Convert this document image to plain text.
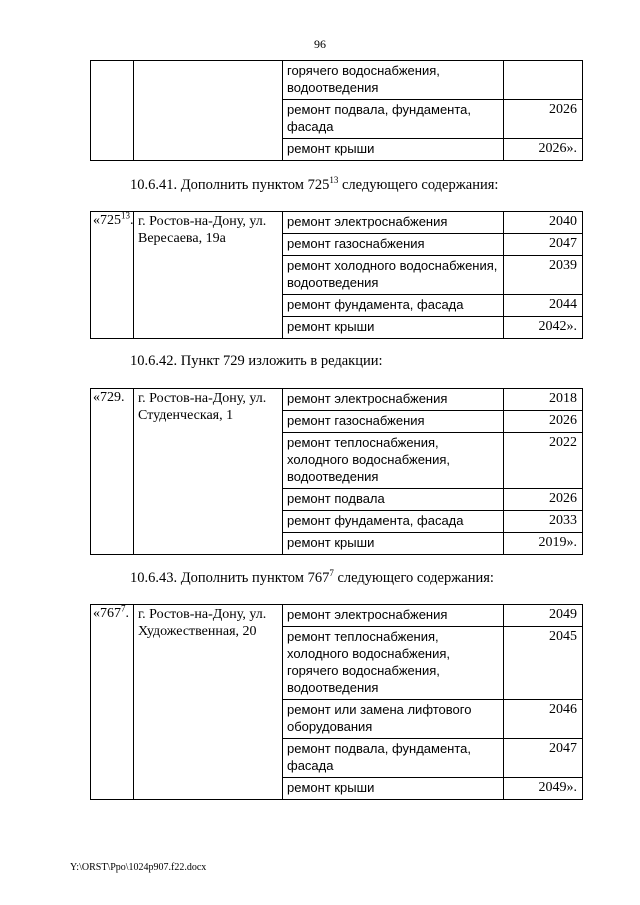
96
		горячего водоснабжения, водоотведения	
		ремонт подвала, фундамента, фасада	2026
		ремонт крыши	2026».
10.6.41. Дополнить пунктом $725^{13}$ следующего содержания:
«$725^{13}$.	г. Ростов-на-Дону, ул. Вересаева, 19а	ремонт электроснабжения	2040
		ремонт газоснабжения	2047
		ремонт холодного водоснабжения, водоотведения	2039
		ремонт фундамента, фасада	2044
		ремонт крыши	2042».
10.6.42. Пункт 729 изложить в редакции:
«729.	г. Ростов-на-Дону, ул. Студенческая, 1	ремонт электроснабжения	2018
		ремонт газоснабжения	2026
		ремонт теплоснабжения, холодного водоснабжения, водоотведения	2022
		ремонт подвала	2026
		ремонт фундамента, фасада	2033
		ремонт крыши	2019».
10.6.43. Дополнить пунктом $767^7$ следующего содержания:
«$767^7$.	г. Ростов-на-Дону, ул. Художественная, 20	ремонт электроснабжения	2049
		ремонт теплоснабжения, холодного водоснабжения, горячего водоснабжения, водоотведения	2045
		ремонт или замена лифтового оборудования	2046
		ремонт подвала, фундамента, фасада	2047
		ремонт крыши	2049».
Y:\ORST\Ppo\1024p907.f22.docx
